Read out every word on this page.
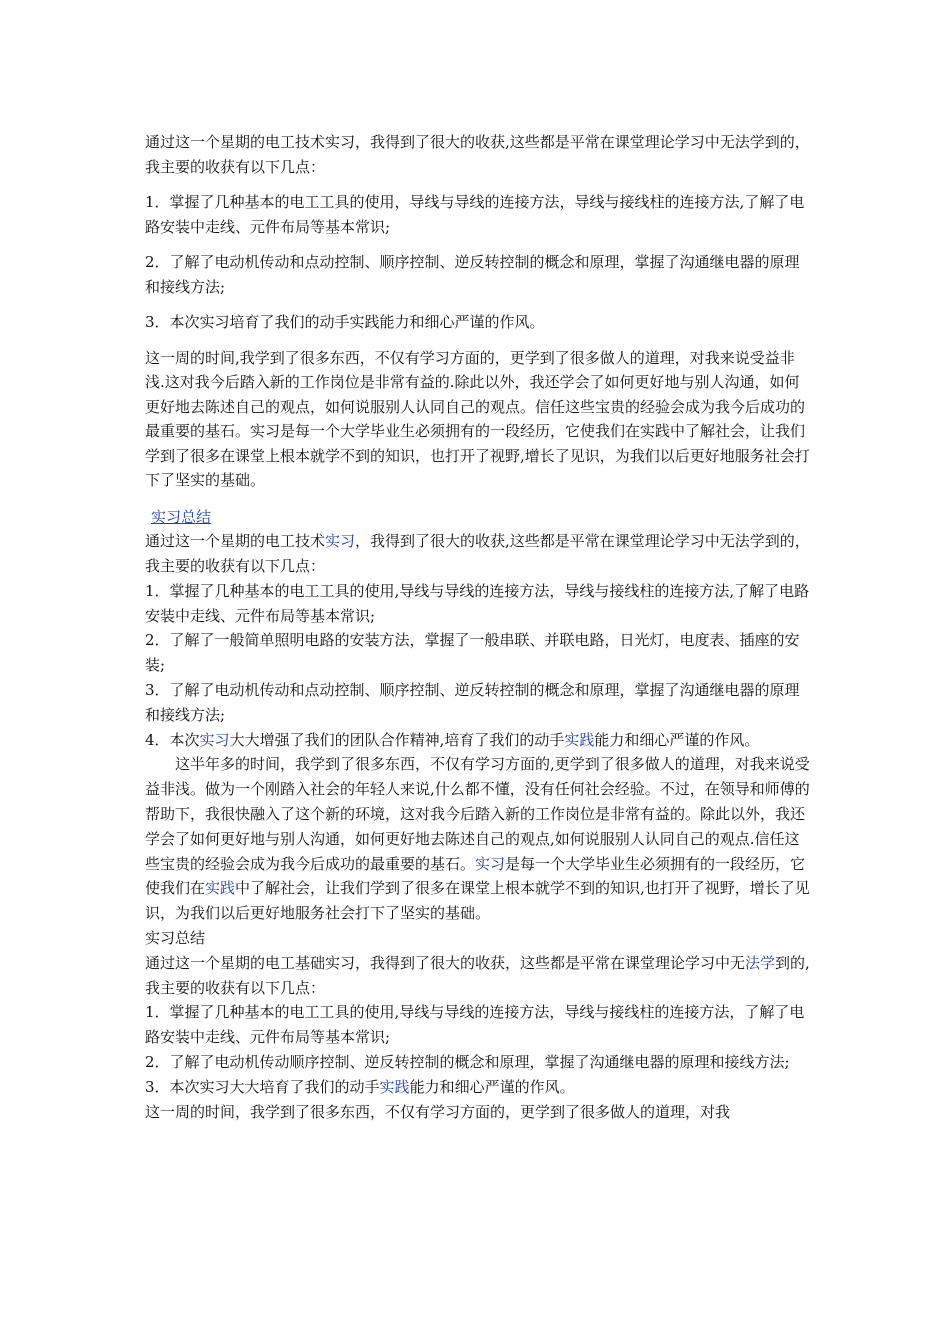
通过这一个星期的电工技术实习，我得到了很大的收获,这些都是平常在课堂理论学习中无法学到的，我主要的收获有以下几点：

1．掌握了几种基本的电工工具的使用，导线与导线的连接方法，导线与接线柱的连接方法,了解了电路安装中走线、元件布局等基本常识;

2．了解了电动机传动和点动控制、顺序控制、逆反转控制的概念和原理，掌握了沟通继电器的原理和接线方法;

3．本次实习培育了我们的动手实践能力和细心严谨的作风。

这一周的时间,我学到了很多东西，不仅有学习方面的，更学到了很多做人的道理，对我来说受益非浅.这对我今后踏入新的工作岗位是非常有益的.除此以外，我还学会了如何更好地与别人沟通，如何更好地去陈述自己的观点，如何说服别人认同自己的观点。信任这些宝贵的经验会成为我今后成功的最重要的基石。实习是每一个大学毕业生必须拥有的一段经历，它使我们在实践中了解社会，让我们学到了很多在课堂上根本就学不到的知识，也打开了视野,增长了见识，为我们以后更好地服务社会打下了坚实的基础。

实习总结

通过这一个星期的电工技术实习，我得到了很大的收获,这些都是平常在课堂理论学习中无法学到的，我主要的收获有以下几点：

1．掌握了几种基本的电工工具的使用,导线与导线的连接方法，导线与接线柱的连接方法,了解了电路安装中走线、元件布局等基本常识;

2．了解了一般简单照明电路的安装方法，掌握了一般串联、并联电路，日光灯，电度表、插座的安装;

3．了解了电动机传动和点动控制、顺序控制、逆反转控制的概念和原理，掌握了沟通继电器的原理和接线方法;

4．本次实习大大增强了我们的团队合作精神,培育了我们的动手实践能力和细心严谨的作风。

这半年多的时间，我学到了很多东西，不仅有学习方面的,更学到了很多做人的道理，对我来说受益非浅。做为一个刚踏入社会的年轻人来说,什么都不懂，没有任何社会经验。不过，在领导和师傅的帮助下，我很快融入了这个新的环境，这对我今后踏入新的工作岗位是非常有益的。除此以外，我还学会了如何更好地与别人沟通，如何更好地去陈述自己的观点,如何说服别人认同自己的观点.信任这些宝贵的经验会成为我今后成功的最重要的基石。实习是每一个大学毕业生必须拥有的一段经历，它使我们在实践中了解社会，让我们学到了很多在课堂上根本就学不到的知识,也打开了视野，增长了见识，为我们以后更好地服务社会打下了坚实的基础。

实习总结

通过这一个星期的电工基础实习，我得到了很大的收获，这些都是平常在课堂理论学习中无法学到的,我主要的收获有以下几点：

1．掌握了几种基本的电工工具的使用,导线与导线的连接方法，导线与接线柱的连接方法，了解了电路安装中走线、元件布局等基本常识;

2．了解了电动机传动顺序控制、逆反转控制的概念和原理，掌握了沟通继电器的原理和接线方法;

3．本次实习大大培育了我们的动手实践能力和细心严谨的作风。

这一周的时间，我学到了很多东西，不仅有学习方面的，更学到了很多做人的道理，对我
